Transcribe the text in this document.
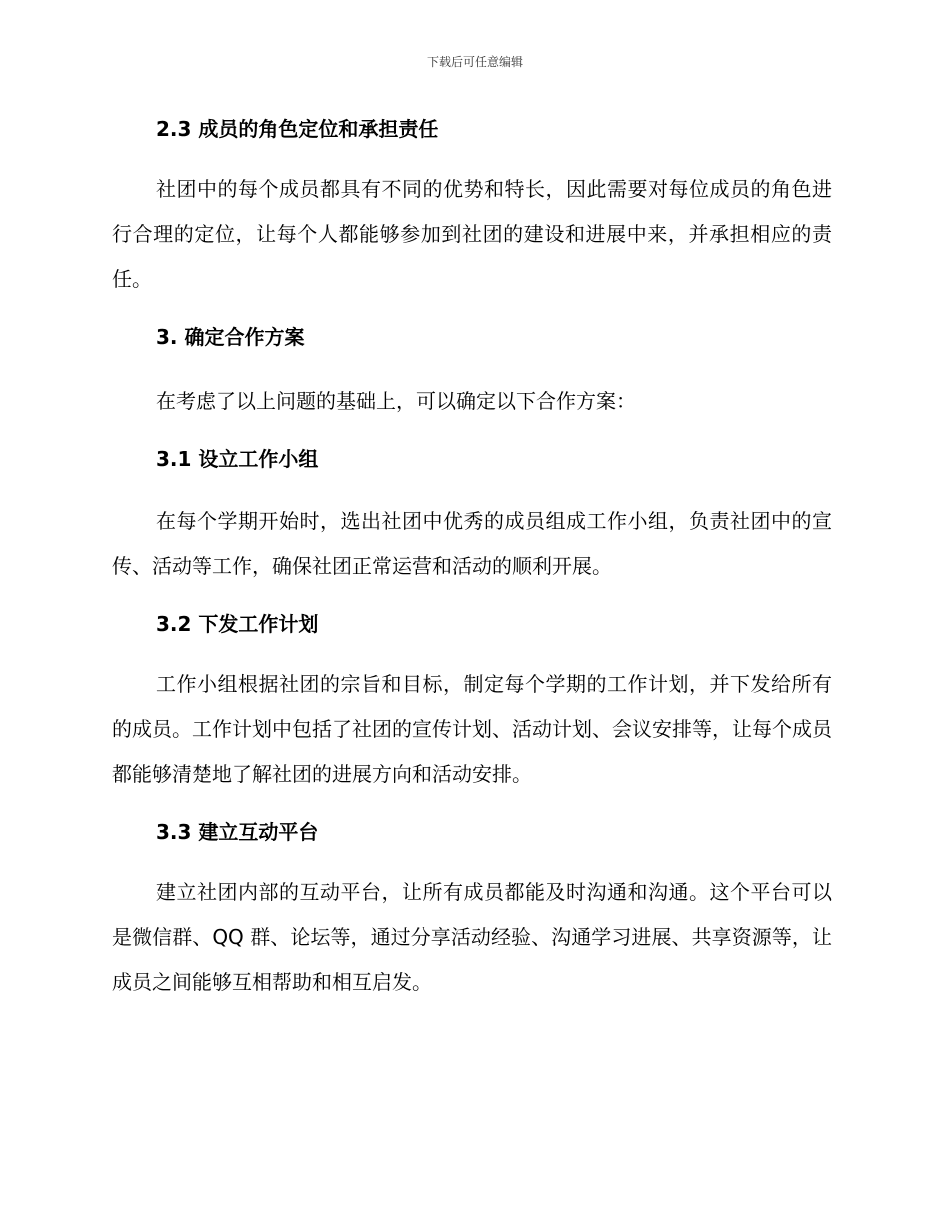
下载后可任意编辑
2.3 成员的角色定位和承担责任

社团中的每个成员都具有不同的优势和特长，因此需要对每位成员的角色进行合理的定位，让每个人都能够参加到社团的建设和进展中来，并承担相应的责任。

3. 确定合作方案

在考虑了以上问题的基础上，可以确定以下合作方案：

3.1 设立工作小组

在每个学期开始时，选出社团中优秀的成员组成工作小组，负责社团中的宣传、活动等工作，确保社团正常运营和活动的顺利开展。

3.2 下发工作计划

工作小组根据社团的宗旨和目标，制定每个学期的工作计划，并下发给所有的成员。工作计划中包括了社团的宣传计划、活动计划、会议安排等，让每个成员都能够清楚地了解社团的进展方向和活动安排。

3.3 建立互动平台

建立社团内部的互动平台，让所有成员都能及时沟通和沟通。这个平台可以是微信群、QQ 群、论坛等，通过分享活动经验、沟通学习进展、共享资源等，让成员之间能够互相帮助和相互启发。
